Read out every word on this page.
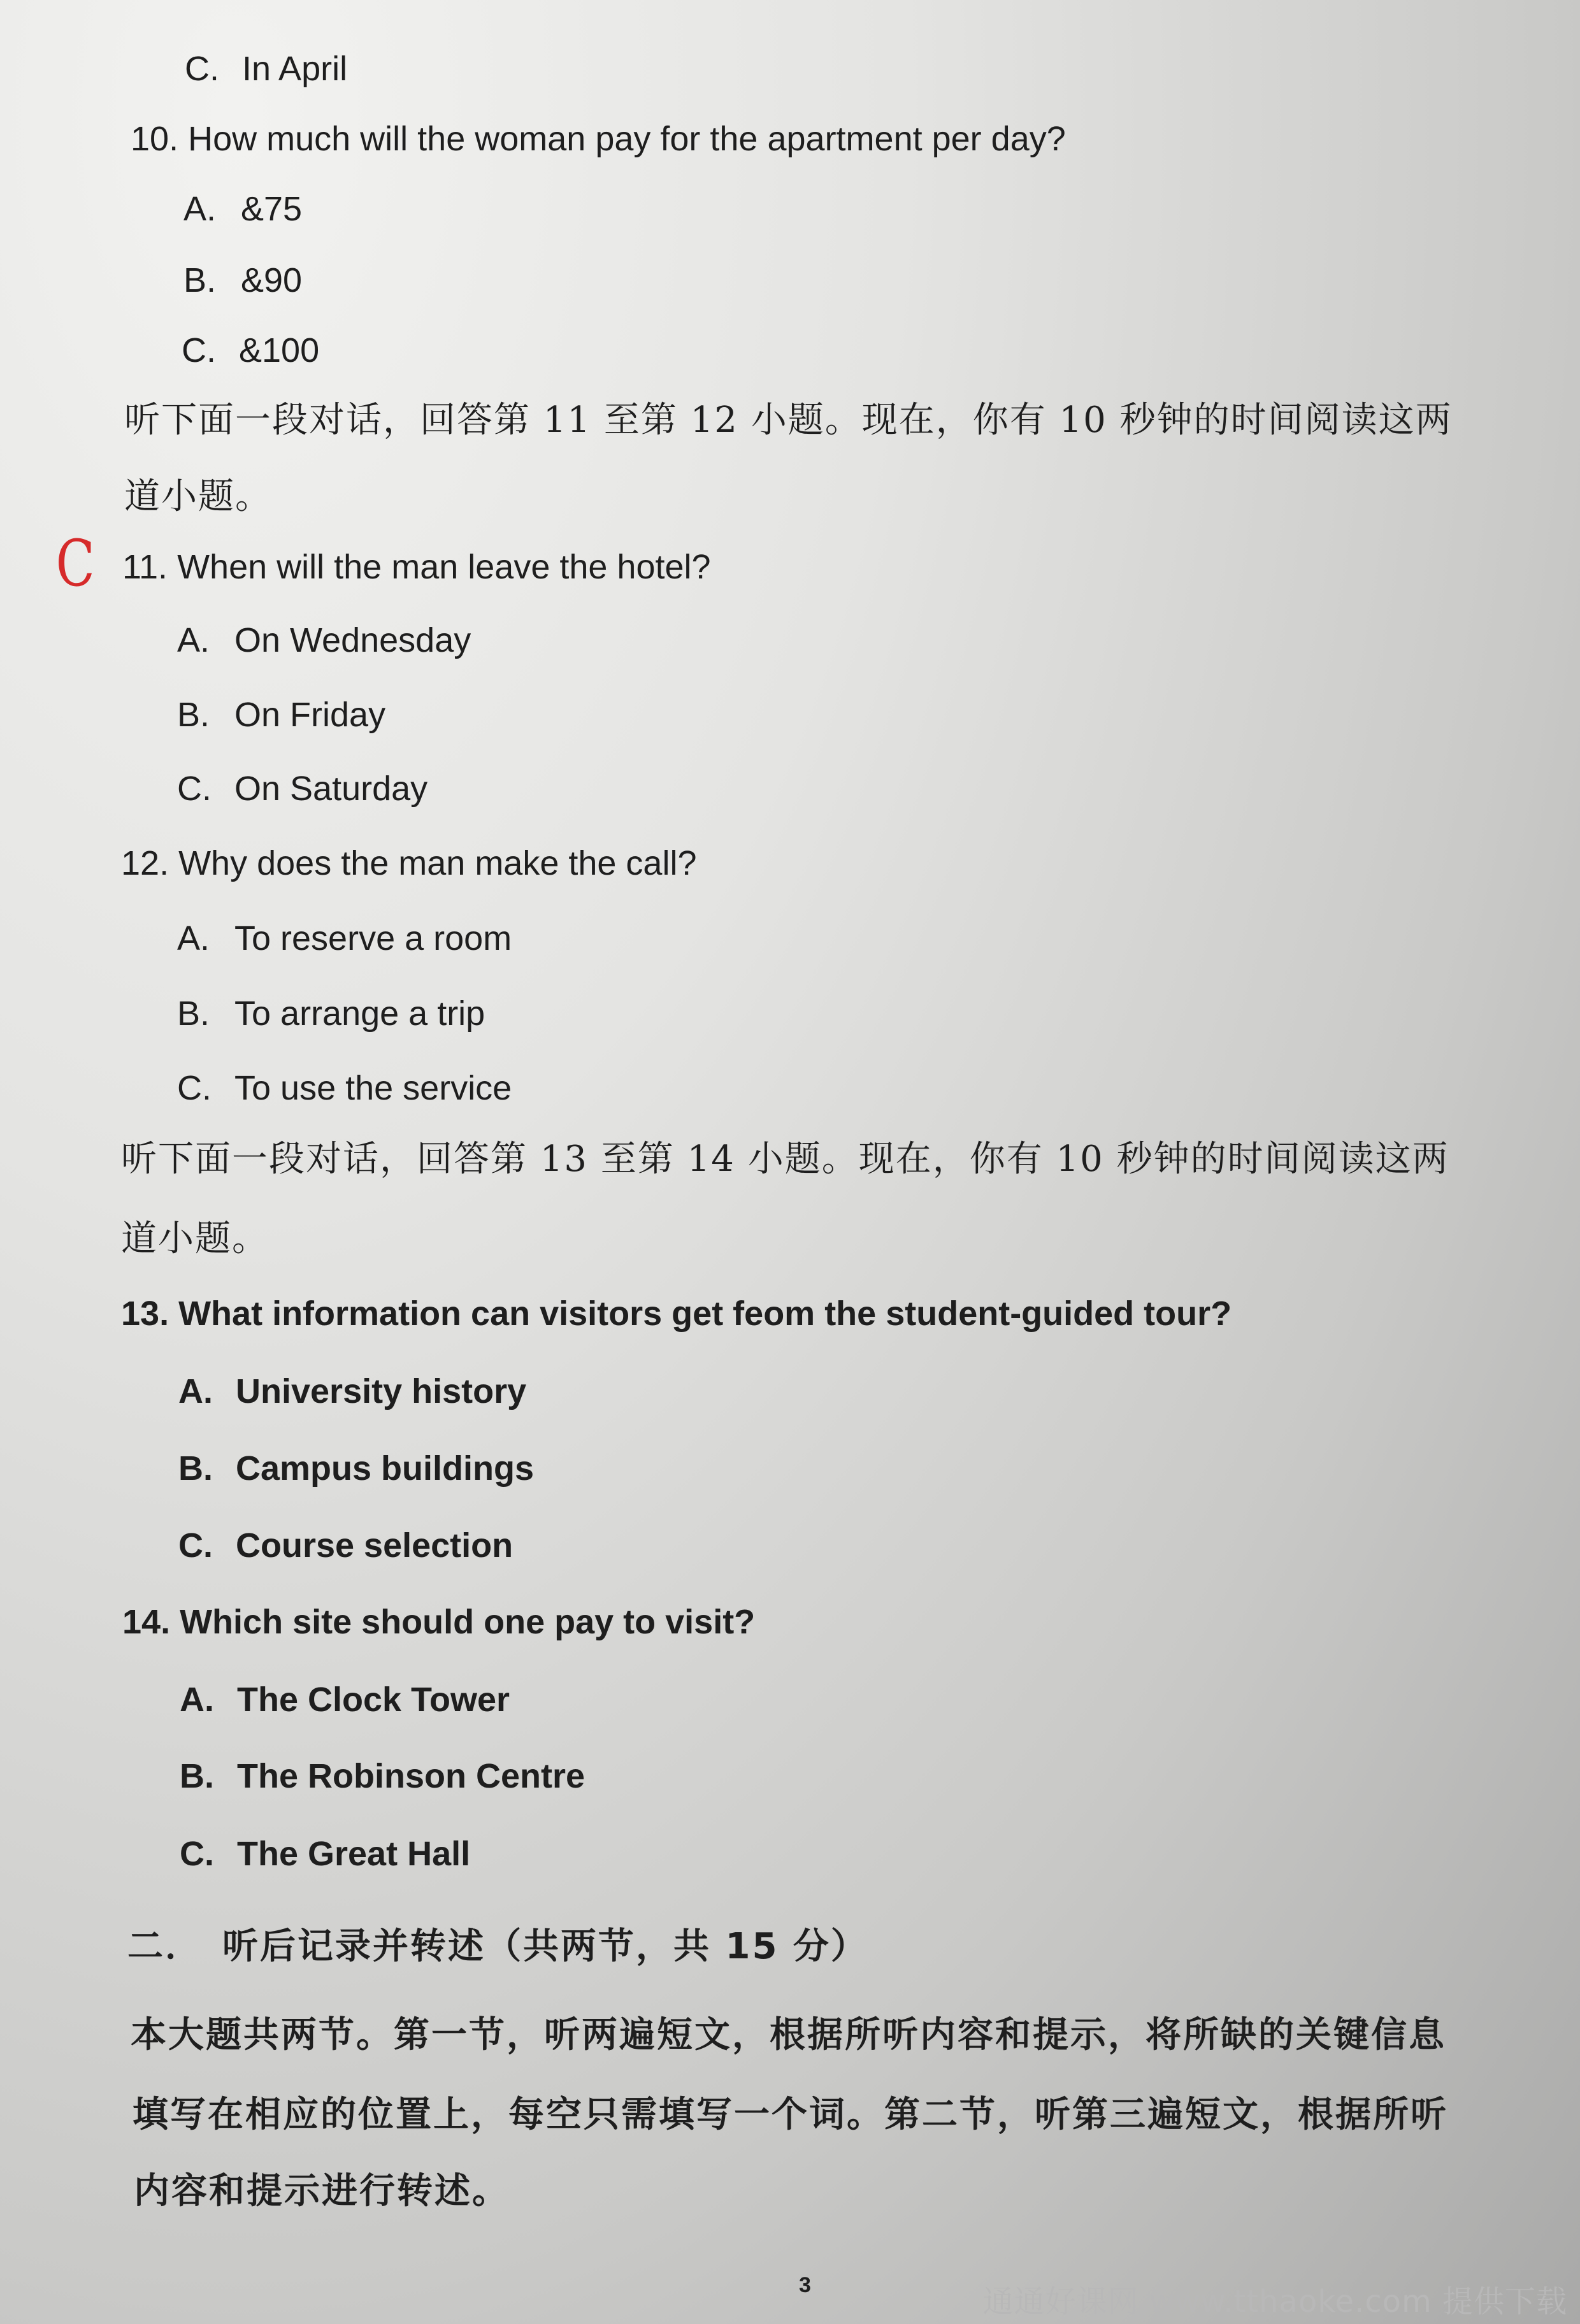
C. In April
10. How much will the woman pay for the apartment per day?
A. &75
B. &90
C. &100
听下面一段对话，回答第 11 至第 12 小题。现在，你有 10 秒钟的时间阅读这两
道小题。
C 11. When will the man leave the hotel?
A. On Wednesday
B. On Friday
C. On Saturday
12. Why does the man make the call?
A. To reserve a room
B. To arrange a trip
C. To use the service
听下面一段对话，回答第 13 至第 14 小题。现在，你有 10 秒钟的时间阅读这两
道小题。
13. What information can visitors get feom the student-guided tour?
A. University history
B. Campus buildings
C. Course selection
14. Which site should one pay to visit?
A. The Clock Tower
B. The Robinson Centre
C. The Great Hall
二．　听后记录并转述（共两节，共 15 分）
本大题共两节。第一节，听两遍短文，根据所听内容和提示，将所缺的关键信息
填写在相应的位置上，每空只需填写一个词。第二节，听第三遍短文，根据所听
内容和提示进行转述。
3	通通好课网 www.tthaoke.com 提供下载
